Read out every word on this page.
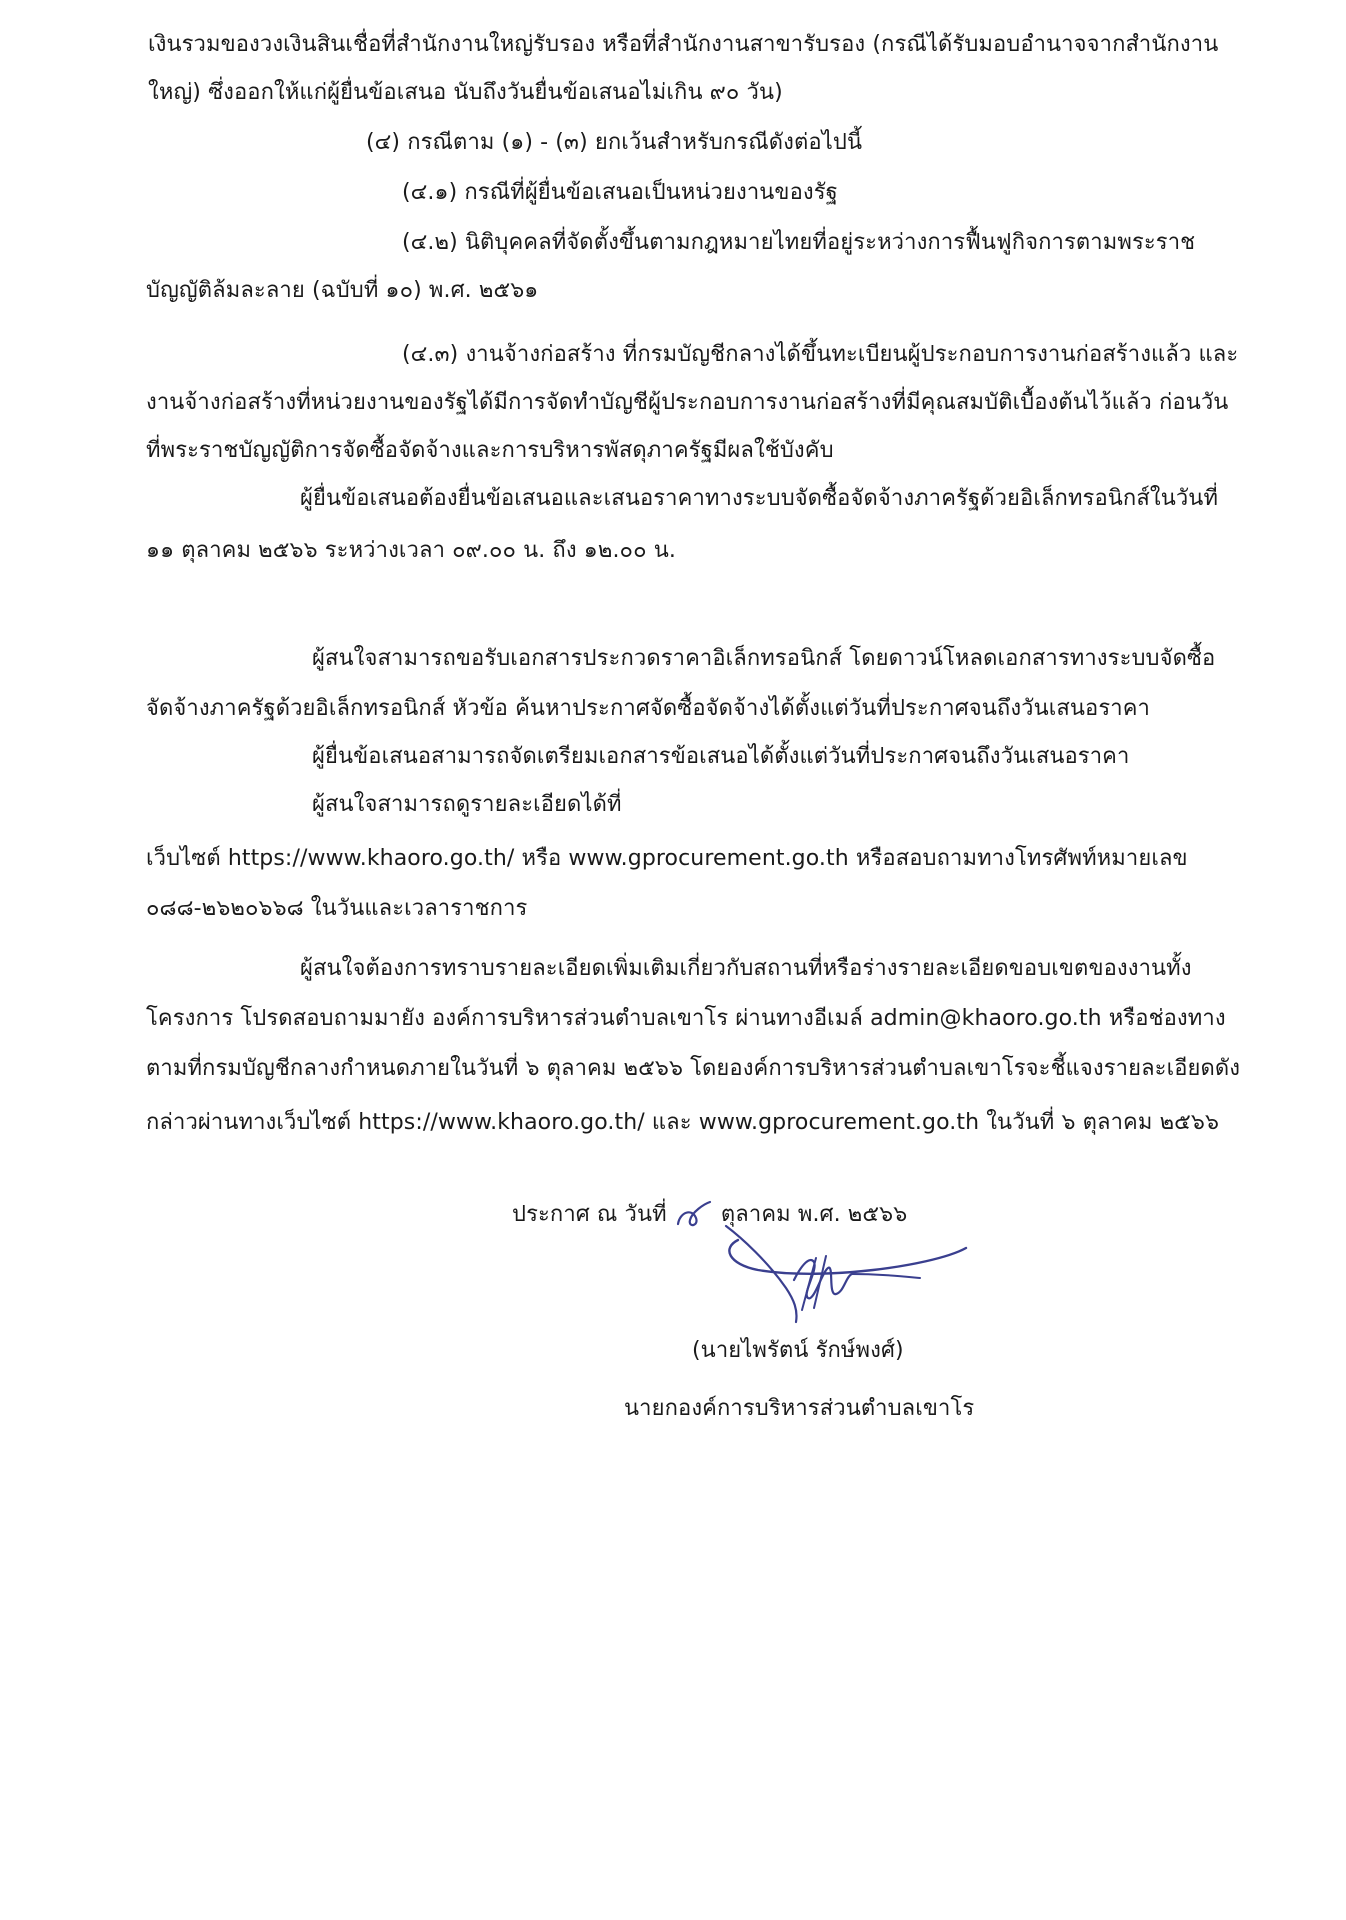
เงินรวมของวงเงินสินเชื่อที่สำนักงานใหญ่รับรอง หรือที่สำนักงานสาขารับรอง (กรณีได้รับมอบอำนาจจากสำนักงาน
ใหญ่) ซึ่งออกให้แก่ผู้ยื่นข้อเสนอ นับถึงวันยื่นข้อเสนอไม่เกิน ๙๐ วัน)
(๔) กรณีตาม (๑) - (๓) ยกเว้นสำหรับกรณีดังต่อไปนี้
(๔.๑) กรณีที่ผู้ยื่นข้อเสนอเป็นหน่วยงานของรัฐ
(๔.๒) นิติบุคคลที่จัดตั้งขึ้นตามกฎหมายไทยที่อยู่ระหว่างการฟื้นฟูกิจการตามพระราช
บัญญัติล้มละลาย (ฉบับที่ ๑๐) พ.ศ. ๒๕๖๑
(๔.๓) งานจ้างก่อสร้าง ที่กรมบัญชีกลางได้ขึ้นทะเบียนผู้ประกอบการงานก่อสร้างแล้ว และ
งานจ้างก่อสร้างที่หน่วยงานของรัฐได้มีการจัดทำบัญชีผู้ประกอบการงานก่อสร้างที่มีคุณสมบัติเบื้องต้นไว้แล้ว ก่อนวัน
ที่พระราชบัญญัติการจัดซื้อจัดจ้างและการบริหารพัสดุภาครัฐมีผลใช้บังคับ
ผู้ยื่นข้อเสนอต้องยื่นข้อเสนอและเสนอราคาทางระบบจัดซื้อจัดจ้างภาครัฐด้วยอิเล็กทรอนิกส์ในวันที่
๑๑ ตุลาคม ๒๕๖๖ ระหว่างเวลา ๐๙.๐๐ น. ถึง ๑๒.๐๐ น.
ผู้สนใจสามารถขอรับเอกสารประกวดราคาอิเล็กทรอนิกส์ โดยดาวน์โหลดเอกสารทางระบบจัดซื้อ
จัดจ้างภาครัฐด้วยอิเล็กทรอนิกส์ หัวข้อ ค้นหาประกาศจัดซื้อจัดจ้างได้ตั้งแต่วันที่ประกาศจนถึงวันเสนอราคา
ผู้ยื่นข้อเสนอสามารถจัดเตรียมเอกสารข้อเสนอได้ตั้งแต่วันที่ประกาศจนถึงวันเสนอราคา
ผู้สนใจสามารถดูรายละเอียดได้ที่
เว็บไซต์ https://www.khaoro.go.th/ หรือ www.gprocurement.go.th หรือสอบถามทางโทรศัพท์หมายเลข
๐๘๘-๒๖๒๐๖๖๘ ในวันและเวลาราชการ
ผู้สนใจต้องการทราบรายละเอียดเพิ่มเติมเกี่ยวกับสถานที่หรือร่างรายละเอียดขอบเขตของงานทั้ง
โครงการ โปรดสอบถามมายัง องค์การบริหารส่วนตำบลเขาโร ผ่านทางอีเมล์ admin@khaoro.go.th หรือช่องทาง
ตามที่กรมบัญชีกลางกำหนดภายในวันที่ ๖ ตุลาคม ๒๕๖๖ โดยองค์การบริหารส่วนตำบลเขาโรจะชี้แจงรายละเอียดดัง
กล่าวผ่านทางเว็บไซต์ https://www.khaoro.go.th/ และ www.gprocurement.go.th ในวันที่ ๖ ตุลาคม ๒๕๖๖
ประกาศ ณ วันที่ ตุลาคม พ.ศ. ๒๕๖๖
(นายไพรัตน์ รักษ์พงศ์)
นายกองค์การบริหารส่วนตำบลเขาโร
